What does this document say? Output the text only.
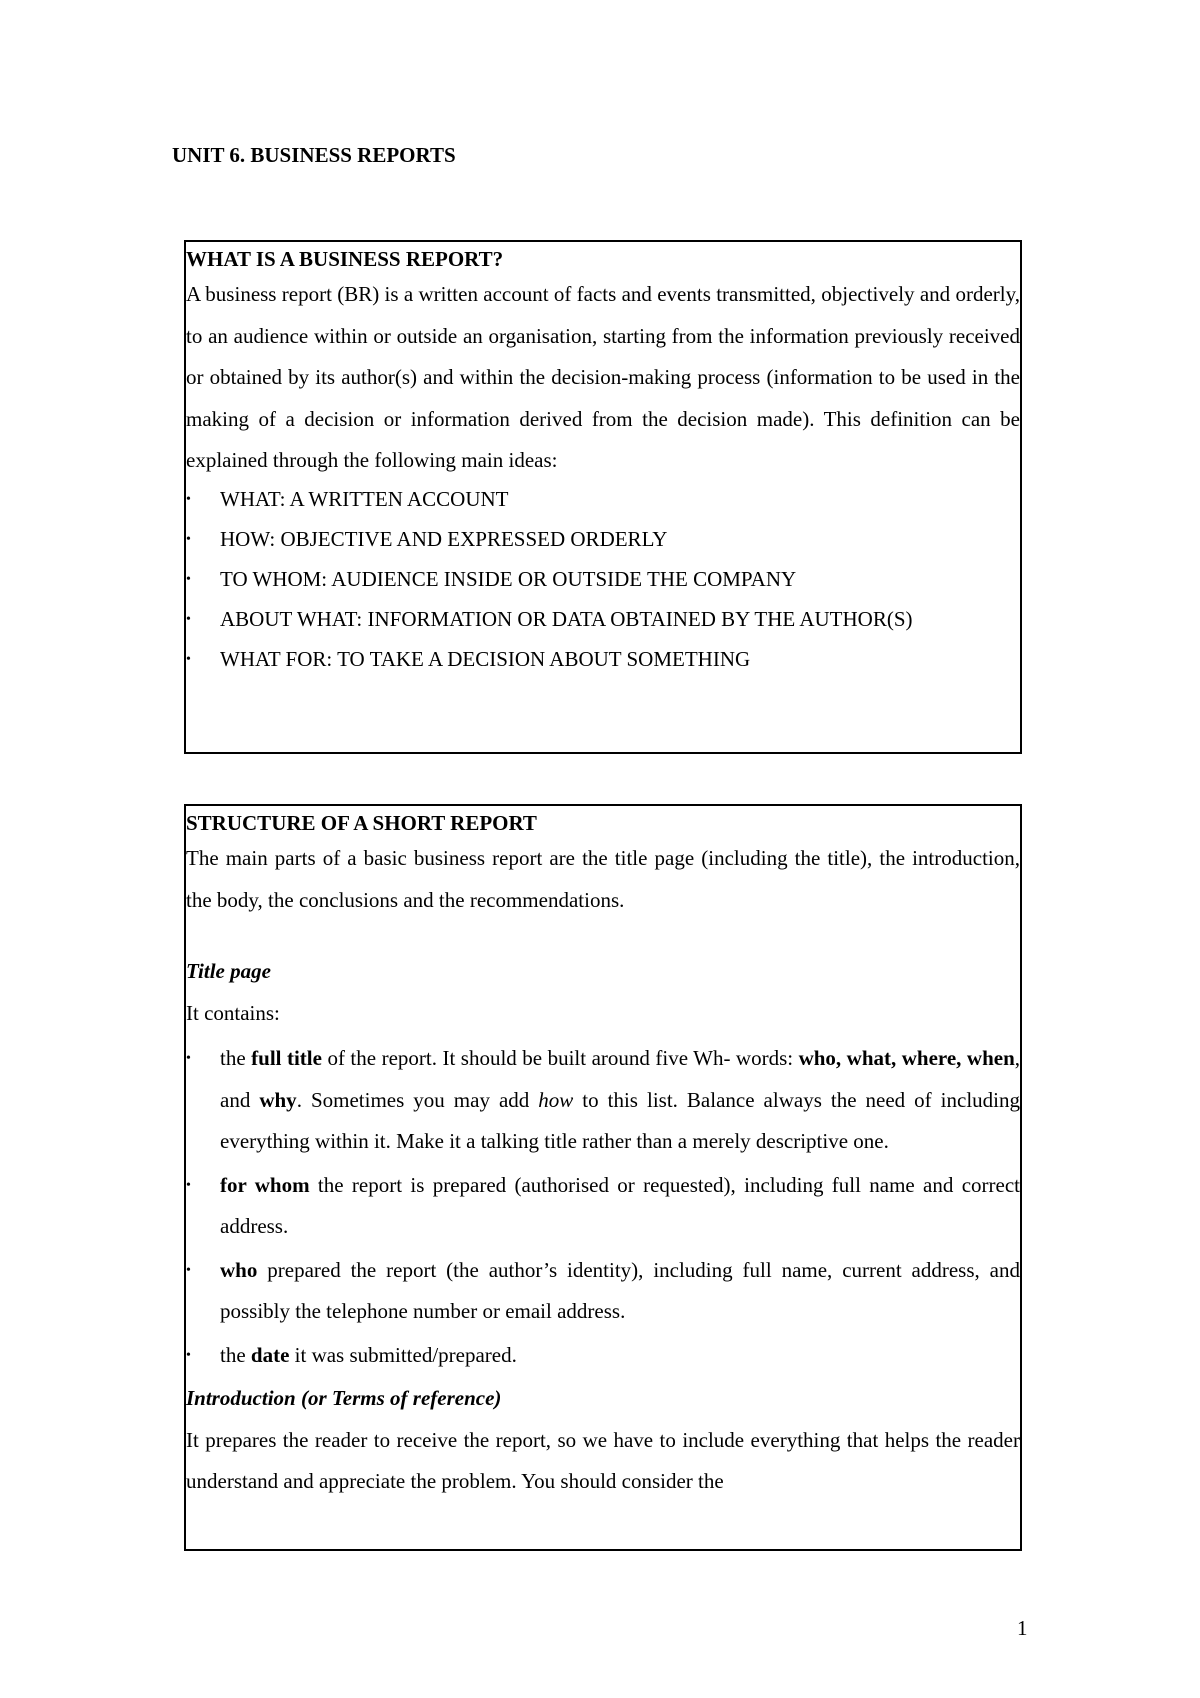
UNIT 6. BUSINESS REPORTS
WHAT IS A BUSINESS REPORT?

A business report (BR) is a written account of facts and events transmitted, objectively and orderly, to an audience within or outside an organisation, starting from the information previously received or obtained by its author(s) and within the decision-making process (information to be used in the making of a decision or information derived from the decision made). This definition can be explained through the following main ideas:

• WHAT: A WRITTEN ACCOUNT
• HOW: OBJECTIVE AND EXPRESSED ORDERLY
• TO WHOM: AUDIENCE INSIDE OR OUTSIDE THE COMPANY
• ABOUT WHAT: INFORMATION OR DATA OBTAINED BY THE AUTHOR(S)
• WHAT FOR: TO TAKE A DECISION ABOUT SOMETHING
STRUCTURE OF A SHORT REPORT

The main parts of a basic business report are the title page (including the title), the introduction, the body, the conclusions and the recommendations.

Title page
It contains:
• the full title of the report. It should be built around five Wh- words: who, what, where, when, and why. Sometimes you may add how to this list. Balance always the need of including everything within it. Make it a talking title rather than a merely descriptive one.
• for whom the report is prepared (authorised or requested), including full name and correct address.
• who prepared the report (the author’s identity), including full name, current address, and possibly the telephone number or email address.
• the date it was submitted/prepared.
Introduction (or Terms of reference)

It prepares the reader to receive the report, so we have to include everything that helps the reader understand and appreciate the problem. You should consider the

1
